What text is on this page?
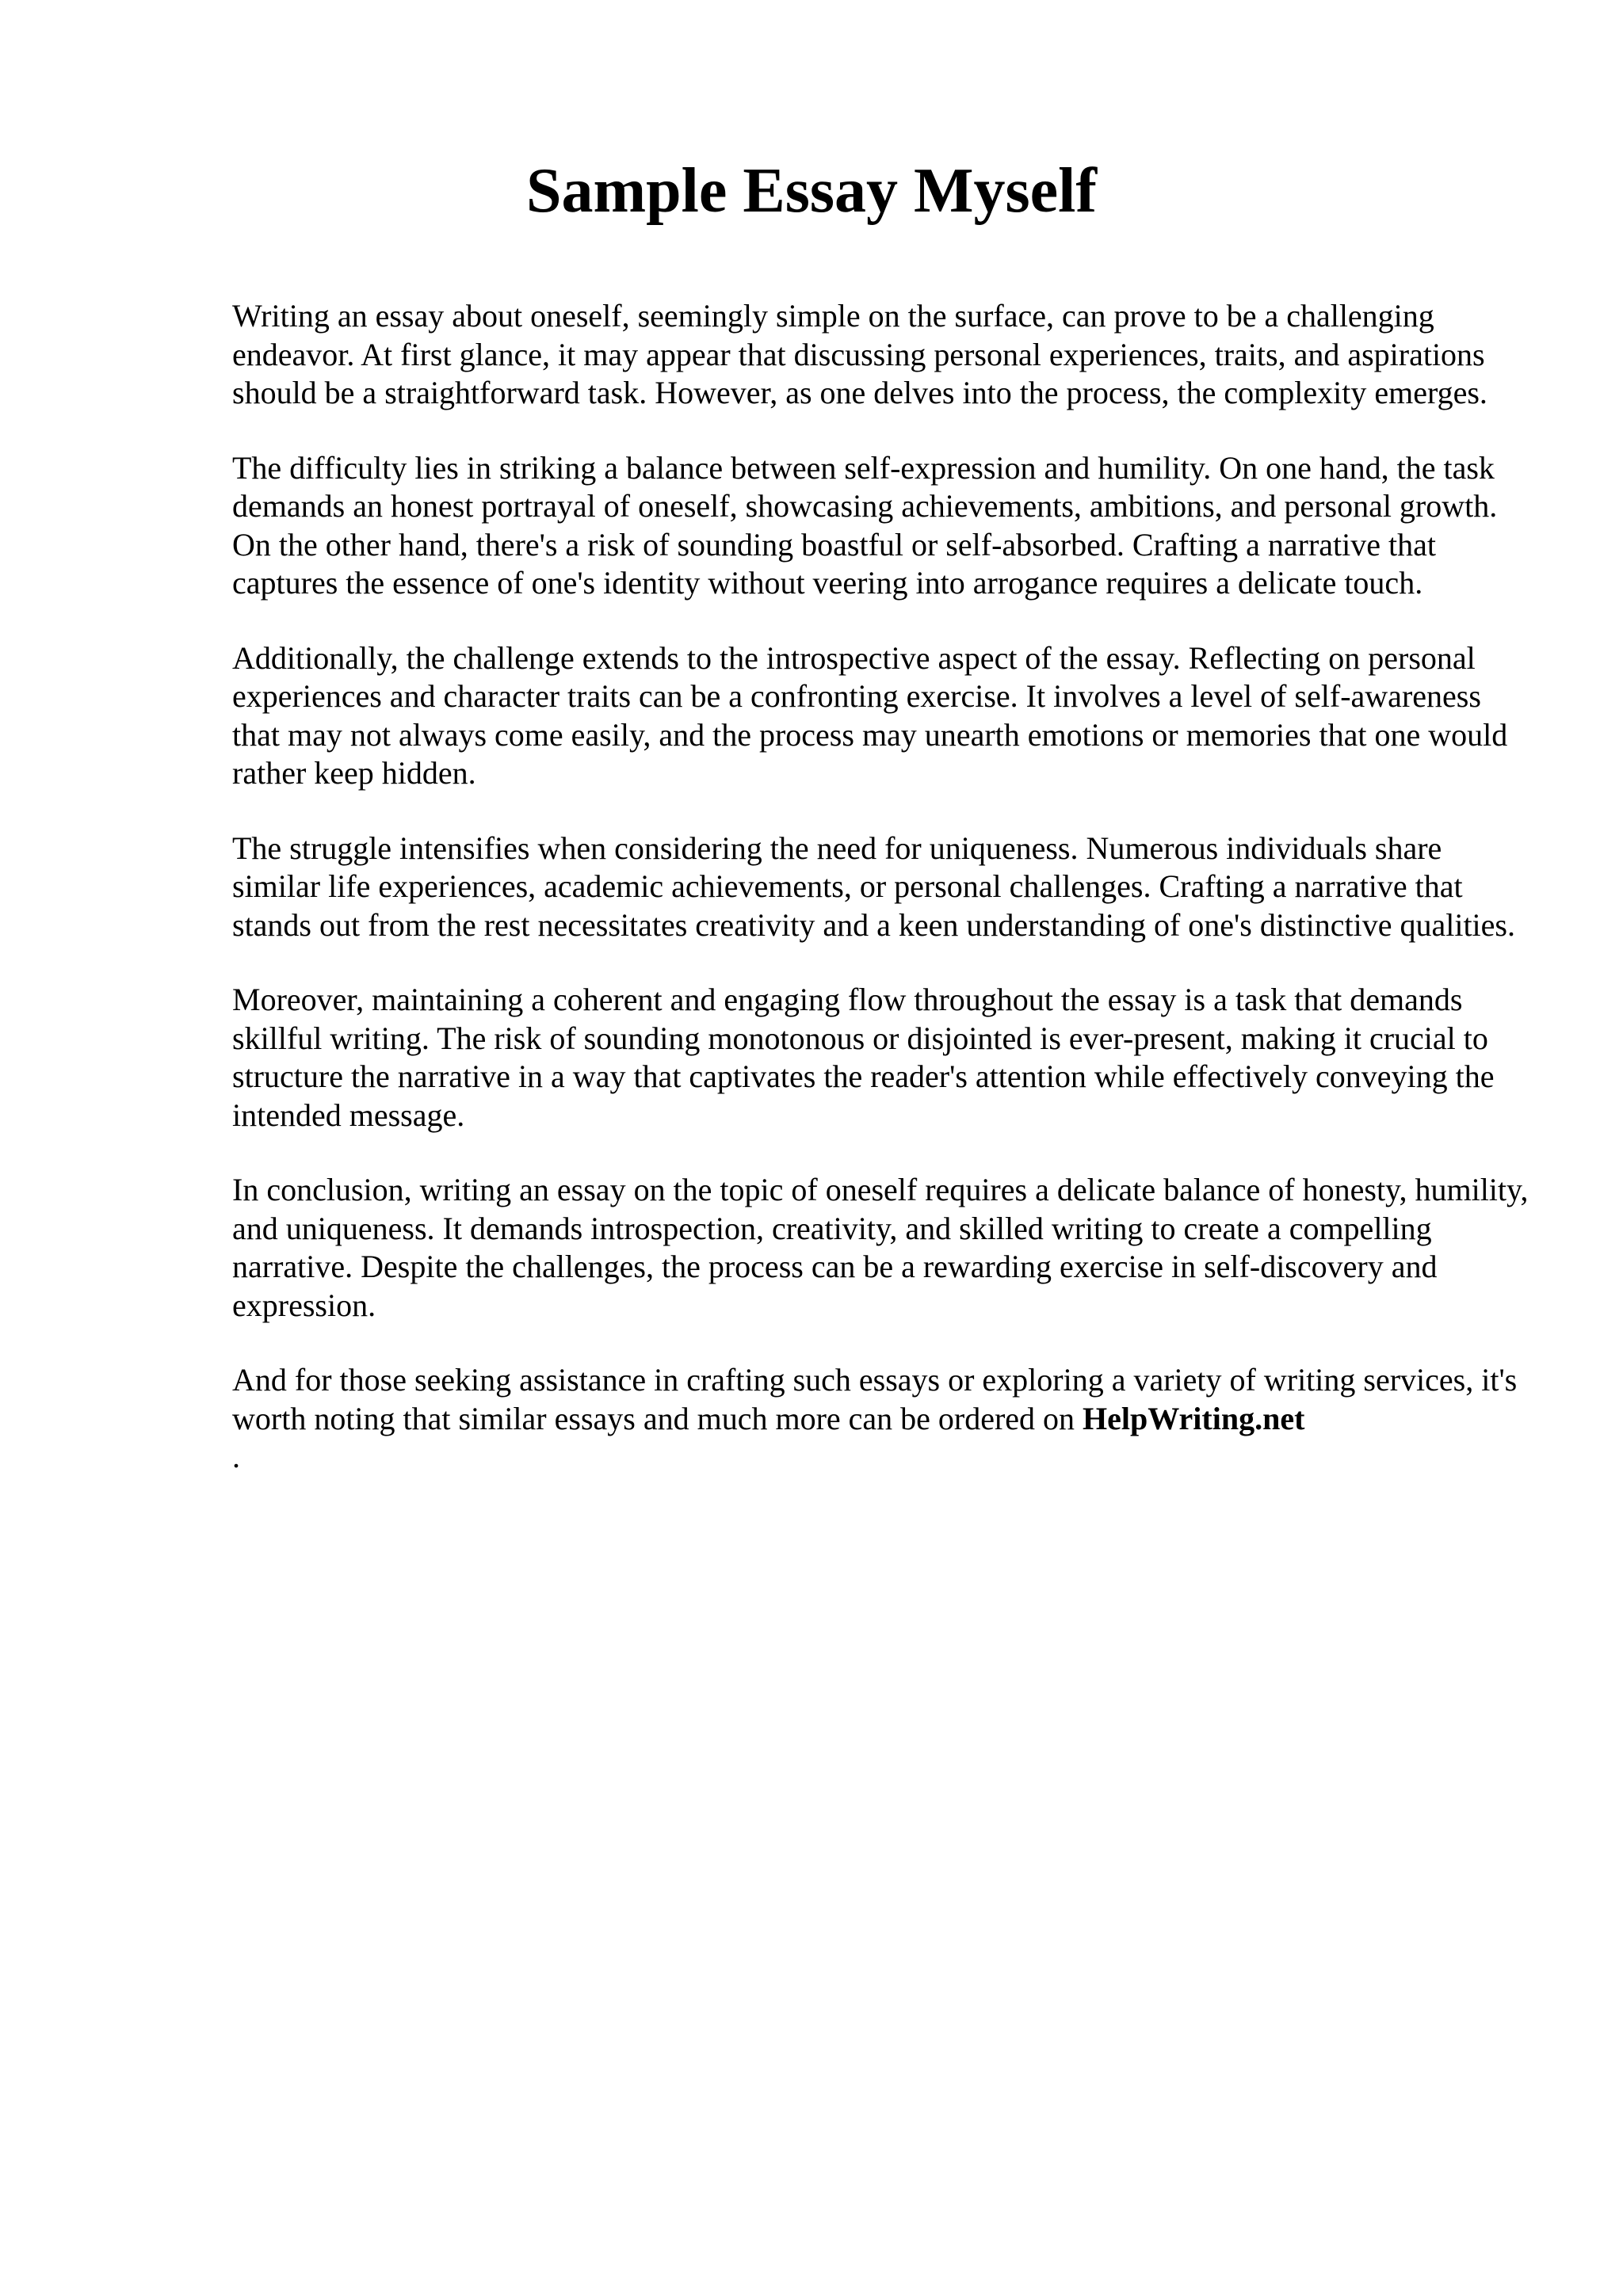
Sample Essay Myself

Writing an essay about oneself, seemingly simple on the surface, can prove to be a challenging endeavor. At first glance, it may appear that discussing personal experiences, traits, and aspirations should be a straightforward task. However, as one delves into the process, the complexity emerges.

The difficulty lies in striking a balance between self-expression and humility. On one hand, the task demands an honest portrayal of oneself, showcasing achievements, ambitions, and personal growth. On the other hand, there's a risk of sounding boastful or self-absorbed. Crafting a narrative that captures the essence of one's identity without veering into arrogance requires a delicate touch.

Additionally, the challenge extends to the introspective aspect of the essay. Reflecting on personal experiences and character traits can be a confronting exercise. It involves a level of self-awareness that may not always come easily, and the process may unearth emotions or memories that one would rather keep hidden.

The struggle intensifies when considering the need for uniqueness. Numerous individuals share similar life experiences, academic achievements, or personal challenges. Crafting a narrative that stands out from the rest necessitates creativity and a keen understanding of one's distinctive qualities.

Moreover, maintaining a coherent and engaging flow throughout the essay is a task that demands skillful writing. The risk of sounding monotonous or disjointed is ever-present, making it crucial to structure the narrative in a way that captivates the reader's attention while effectively conveying the intended message.

In conclusion, writing an essay on the topic of oneself requires a delicate balance of honesty, humility, and uniqueness. It demands introspection, creativity, and skilled writing to create a compelling narrative. Despite the challenges, the process can be a rewarding exercise in self-discovery and expression.

And for those seeking assistance in crafting such essays or exploring a variety of writing services, it's worth noting that similar essays and much more can be ordered on HelpWriting.net
.
